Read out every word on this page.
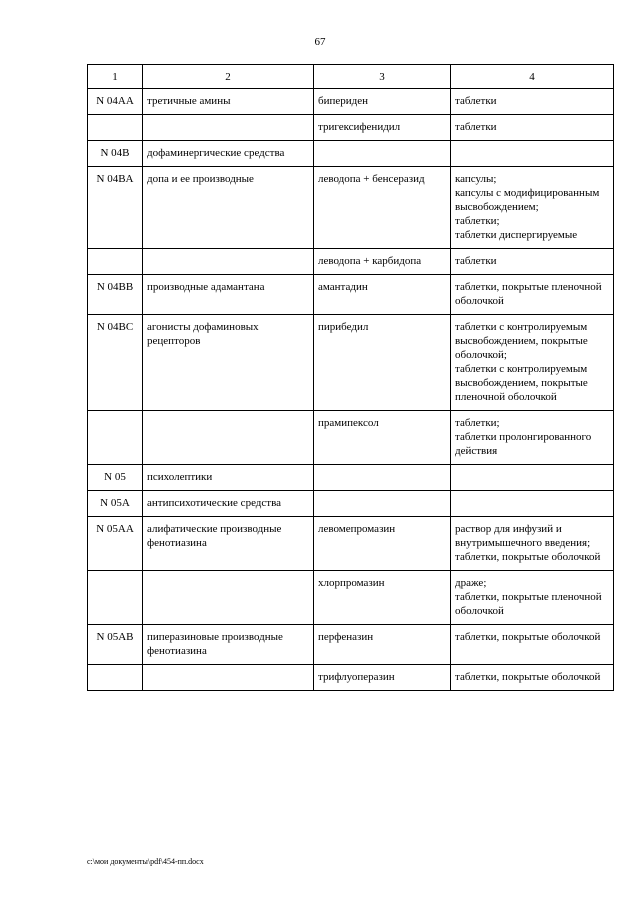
67
1	2	3	4
N 04AA	третичные амины	бипериден	таблетки

		тригексифенидил	таблетки

N 04B	дофаминергические средства		
N 04BA	допа и ее производные	леводопа + бенсеразид	капсулы;
капсулы с модифицированным высвобождением;
таблетки;
таблетки диспергируемые

		леводопа + карбидопа	таблетки

N 04BB	производные адамантана	амантадин	таблетки, покрытые пленочной оболочкой

N 04BC	агонисты дофаминовых рецепторов	пирибедил	таблетки с контролируемым высвобождением, покрытые оболочкой;
таблетки с контролируемым высвобождением, покрытые пленочной оболочкой

		прамипексол	таблетки;
таблетки пролонгированного действия

N 05	психолептики		
N 05A	антипсихотические средства		
N 05AA	алифатические производные фенотиазина	левомепромазин	раствор для инфузий и внутримышечного введения;
таблетки, покрытые оболочкой

		хлорпромазин	драже;
таблетки, покрытые пленочной оболочкой

N 05AB	пиперазиновые производные фенотиазина	перфеназин	таблетки, покрытые оболочкой

		трифлуоперазин	таблетки, покрытые оболочкой
c:\мои документы\pdf\454-пп.docx
